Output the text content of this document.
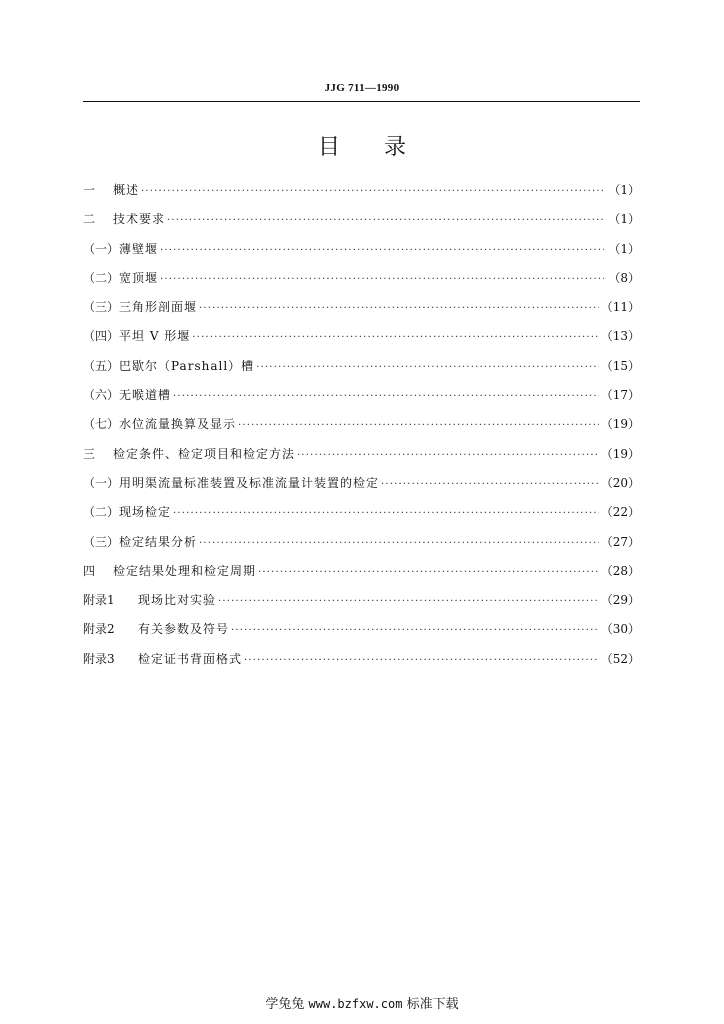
JJG 711—1990
目录
一	概述 ·····	（1）
二	技术要求 ·····	（1）
（一） 薄壁堰 ·····	（1）
（二） 宽顶堰 ·····	（8）
（三） 三角形剖面堰 ·····	（11）
（四） 平坦 V 形堰 ·····	（13）
（五） 巴歇尔（Parshall）槽 ·····	（15）
（六） 无喉道槽 ·····	（17）
（七） 水位流量换算及显示 ·····	（19）
三	检定条件、检定项目和检定方法 ·····	（19）
（一） 用明渠流量标准装置及标准流量计装置的检定 ·····	（20）
（二） 现场检定 ·····	（22）
（三） 检定结果分析 ·····	（27）
四	检定结果处理和检定周期 ·····	（28）
附录1	现场比对实验 ·····	（29）
附录2	有关参数及符号 ·····	（30）
附录3	检定证书背面格式 ·····	（52）
学兔兔 www.bzfxw.com 标准下载
